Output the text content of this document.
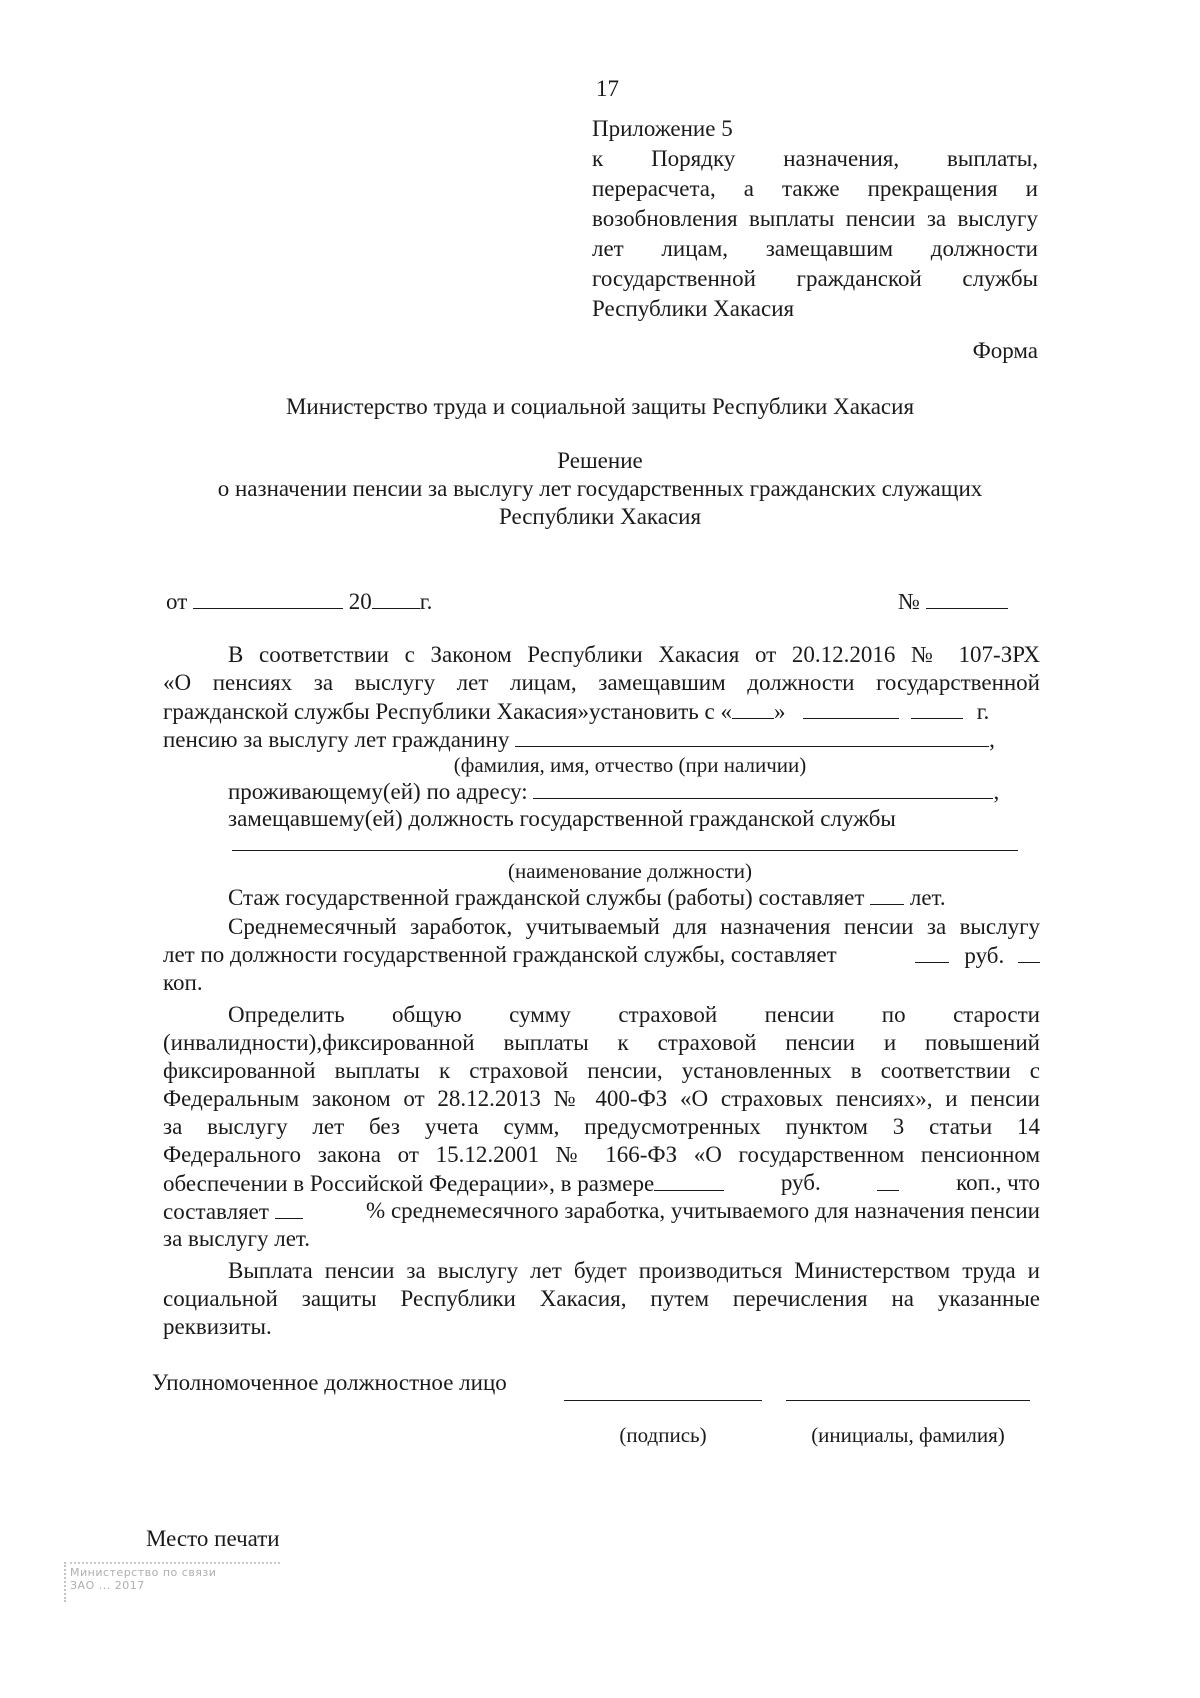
17
Приложение 5
к Порядку назначения, выплаты,
перерасчета, а также прекращения и
возобновления выплаты пенсии за выслугу
лет лицам, замещавшим должности
государственной гражданской службы
Республики Хакасия
Форма
Министерство труда и социальной защиты Республики Хакасия
Решение
о назначении пенсии за выслугу лет государственных гражданских служащих
Республики Хакасия
от	20 г.	№
В соответствии с Законом Республики Хакасия от 20.12.2016 № 107-ЗРХ
«О пенсиях за выслугу лет лицам, замещавшим должности государственной
гражданской службы Республики Хакасия»установить с « »	г.
пенсию за выслугу лет гражданину	,
(фамилия, имя, отчество (при наличии)
проживающему(ей) по адресу:	,
замещавшему(ей) должность государственной гражданской службы
(наименование должности)
Стаж государственной гражданской службы (работы) составляет лет.
Среднемесячный заработок, учитываемый для назначения пенсии за выслугу
лет по должности государственной гражданской службы, составляет	руб.
коп.
Определить общую сумму страховой пенсии по старости
(инвалидности),фиксированной выплаты к страховой пенсии и повышений
фиксированной выплаты к страховой пенсии, установленных в соответствии с
Федеральным законом от 28.12.2013 № 400-ФЗ «О страховых пенсиях», и пенсии
за выслугу лет без учета сумм, предусмотренных пунктом 3 статьи 14
Федерального закона от 15.12.2001 № 166-ФЗ «О государственном пенсионном
обеспечении в Российской Федерации», в размере	руб.	коп., что
составляет	% среднемесячного заработка, учитываемого для назначения пенсии
за выслугу лет.
Выплата пенсии за выслугу лет будет производиться Министерством труда и
социальной защиты Республики Хакасия, путем перечисления на указанные
реквизиты.
Уполномоченное должностное лицо
(подпись)	(инициалы, фамилия)
Место печати
Министерство по связи
ЗАО ... 2017
